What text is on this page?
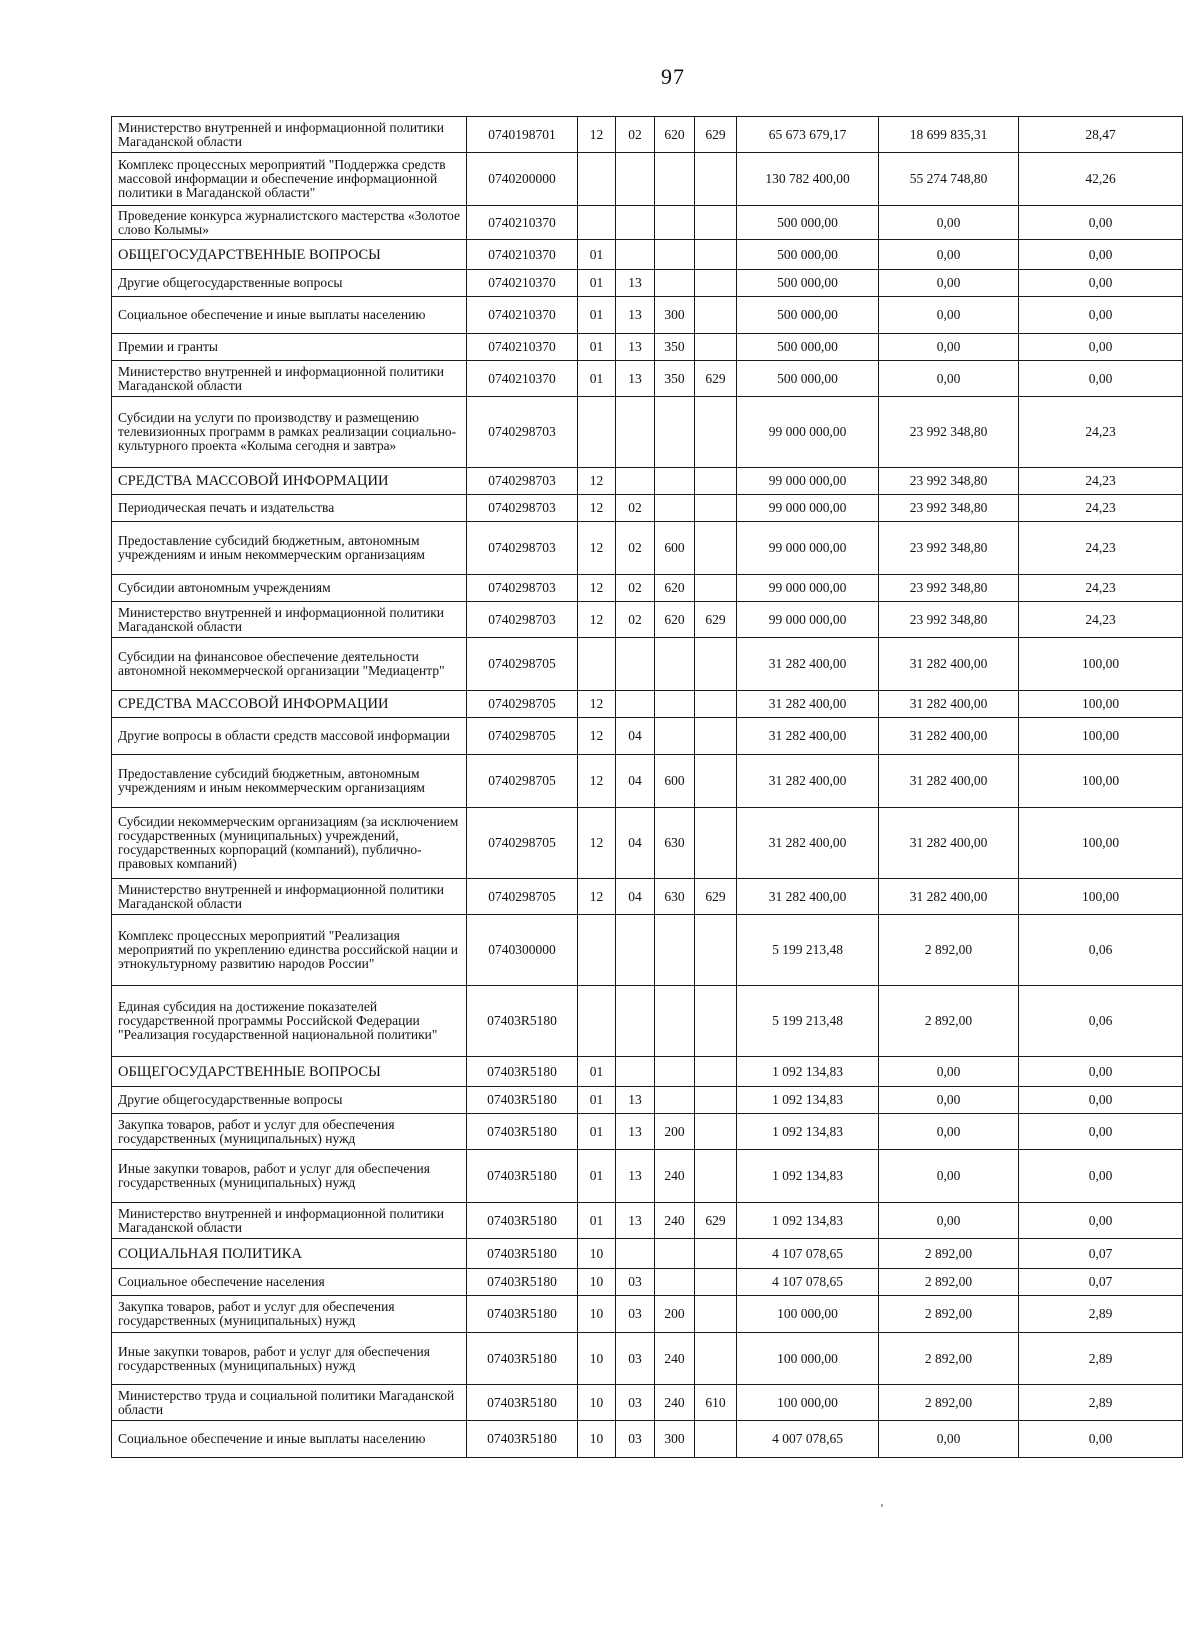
97
Министерство внутренней и информационной политики Магаданской области	0740198701	12	02	620	629	65 673 679,17	18 699 835,31	28,47
Комплекс процессных мероприятий "Поддержка средств массовой информации и обеспечение информационной политики в Магаданской области"	0740200000					130 782 400,00	55 274 748,80	42,26
Проведение конкурса журналистского мастерства «Золотое слово Колымы»	0740210370					500 000,00	0,00	0,00
ОБЩЕГОСУДАРСТВЕННЫЕ ВОПРОСЫ	0740210370	01				500 000,00	0,00	0,00
Другие общегосударственные вопросы	0740210370	01	13			500 000,00	0,00	0,00
Социальное обеспечение и иные выплаты населению	0740210370	01	13	300		500 000,00	0,00	0,00
Премии и гранты	0740210370	01	13	350		500 000,00	0,00	0,00
Министерство внутренней и информационной политики Магаданской области	0740210370	01	13	350	629	500 000,00	0,00	0,00
Субсидии на услуги по производству и размещению телевизионных программ в рамках реализации социально-культурного проекта «Колыма сегодня и завтра»	0740298703					99 000 000,00	23 992 348,80	24,23
СРЕДСТВА МАССОВОЙ ИНФОРМАЦИИ	0740298703	12				99 000 000,00	23 992 348,80	24,23
Периодическая печать и издательства	0740298703	12	02			99 000 000,00	23 992 348,80	24,23
Предоставление субсидий бюджетным, автономным учреждениям и иным некоммерческим организациям	0740298703	12	02	600		99 000 000,00	23 992 348,80	24,23
Субсидии автономным учреждениям	0740298703	12	02	620		99 000 000,00	23 992 348,80	24,23
Министерство внутренней и информационной политики Магаданской области	0740298703	12	02	620	629	99 000 000,00	23 992 348,80	24,23
Субсидии на финансовое обеспечение деятельности автономной некоммерческой организации "Медиацентр"	0740298705					31 282 400,00	31 282 400,00	100,00
СРЕДСТВА МАССОВОЙ ИНФОРМАЦИИ	0740298705	12				31 282 400,00	31 282 400,00	100,00
Другие вопросы в области средств массовой информации	0740298705	12	04			31 282 400,00	31 282 400,00	100,00
Предоставление субсидий бюджетным, автономным учреждениям и иным некоммерческим организациям	0740298705	12	04	600		31 282 400,00	31 282 400,00	100,00
Субсидии некоммерческим организациям (за исключением государственных (муниципальных) учреждений, государственных корпораций (компаний), публично-правовых компаний)	0740298705	12	04	630		31 282 400,00	31 282 400,00	100,00
Министерство внутренней и информационной политики Магаданской области	0740298705	12	04	630	629	31 282 400,00	31 282 400,00	100,00
Комплекс процессных мероприятий "Реализация мероприятий по укреплению единства российской нации и этнокультурному развитию народов России"	0740300000					5 199 213,48	2 892,00	0,06
Единая субсидия на достижение показателей государственной программы Российской Федерации "Реализация государственной национальной политики"	07403R5180					5 199 213,48	2 892,00	0,06
ОБЩЕГОСУДАРСТВЕННЫЕ ВОПРОСЫ	07403R5180	01				1 092 134,83	0,00	0,00
Другие общегосударственные вопросы	07403R5180	01	13			1 092 134,83	0,00	0,00
Закупка товаров, работ и услуг для обеспечения государственных (муниципальных) нужд	07403R5180	01	13	200		1 092 134,83	0,00	0,00
Иные закупки товаров, работ и услуг для обеспечения государственных (муниципальных) нужд	07403R5180	01	13	240		1 092 134,83	0,00	0,00
Министерство внутренней и информационной политики Магаданской области	07403R5180	01	13	240	629	1 092 134,83	0,00	0,00
СОЦИАЛЬНАЯ ПОЛИТИКА	07403R5180	10				4 107 078,65	2 892,00	0,07
Социальное обеспечение населения	07403R5180	10	03			4 107 078,65	2 892,00	0,07
Закупка товаров, работ и услуг для обеспечения государственных (муниципальных) нужд	07403R5180	10	03	200		100 000,00	2 892,00	2,89
Иные закупки товаров, работ и услуг для обеспечения государственных (муниципальных) нужд	07403R5180	10	03	240		100 000,00	2 892,00	2,89
Министерство труда и социальной политики Магаданской области	07403R5180	10	03	240	610	100 000,00	2 892,00	2,89
Социальное обеспечение и иные выплаты населению	07403R5180	10	03	300		4 007 078,65	0,00	0,00
